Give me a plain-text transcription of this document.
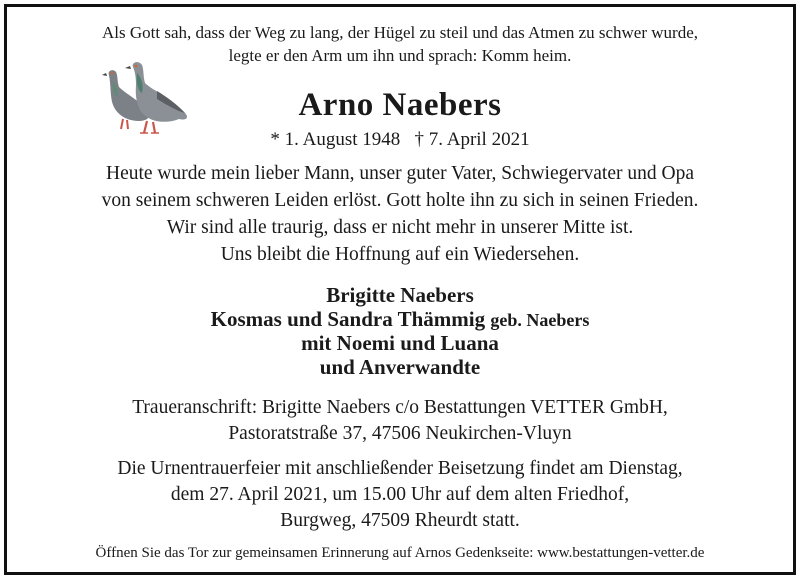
Als Gott sah, dass der Weg zu lang, der Hügel zu steil und das Atmen zu schwer wurde,
legte er den Arm um ihn und sprach: Komm heim.
Arno Naebers
* 1. August 1948 † 7. April 2021
Heute wurde mein lieber Mann, unser guter Vater, Schwiegervater und Opa
von seinem schweren Leiden erlöst. Gott holte ihn zu sich in seinen Frieden.
Wir sind alle traurig, dass er nicht mehr in unserer Mitte ist.
Uns bleibt die Hoffnung auf ein Wiedersehen.
Brigitte Naebers
Kosmas und Sandra Thämmig geb. Naebers
mit Noemi und Luana
und Anverwandte
Traueranschrift: Brigitte Naebers c/o Bestattungen VETTER GmbH,
Pastoratstraße 37, 47506 Neukirchen-Vluyn
Die Urnentrauerfeier mit anschließender Beisetzung findet am Dienstag,
dem 27. April 2021, um 15.00 Uhr auf dem alten Friedhof,
Burgweg, 47509 Rheurdt statt.
Öffnen Sie das Tor zur gemeinsamen Erinnerung auf Arnos Gedenkseite: www.bestattungen-vetter.de
